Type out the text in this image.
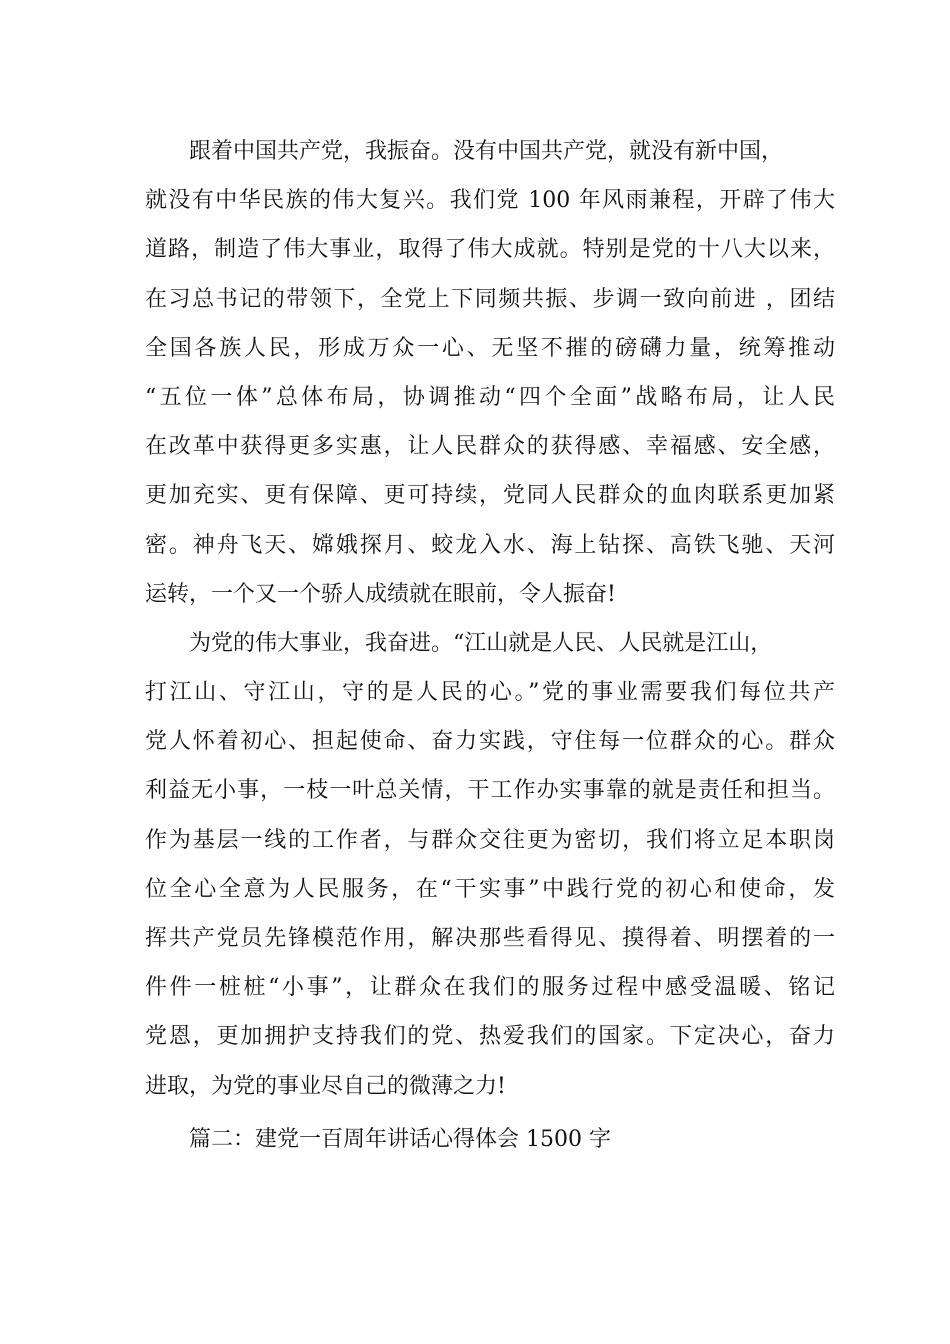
跟着中国共产党，我振奋。没有中国共产党，就没有新中国，
就没有中华民族的伟大复兴。我们党 100 年风雨兼程，开辟了伟大
道路，制造了伟大事业，取得了伟大成就。特别是党的十八大以来，
在习总书记的带领下，全党上下同频共振、步调一致向前进 ，团结
全国各族人民，形成万众一心、无坚不摧的磅礴力量，统筹推动
“五位一体”总体布局，协调推动“四个全面”战略布局，让人民
在改革中获得更多实惠，让人民群众的获得感、幸福感、安全感，
更加充实、更有保障、更可持续，党同人民群众的血肉联系更加紧
密。神舟飞天、嫦娥探月、蛟龙入水、海上钻探、高铁飞驰、天河
运转，一个又一个骄人成绩就在眼前，令人振奋!
为党的伟大事业，我奋进。“江山就是人民、人民就是江山，
打江山、守江山，守的是人民的心。”党的事业需要我们每位共产
党人怀着初心、担起使命、奋力实践，守住每一位群众的心。群众
利益无小事，一枝一叶总关情，干工作办实事靠的就是责任和担当。
作为基层一线的工作者，与群众交往更为密切，我们将立足本职岗
位全心全意为人民服务，在“干实事”中践行党的初心和使命，发
挥共产党员先锋模范作用，解决那些看得见、摸得着、明摆着的一
件件一桩桩“小事”，让群众在我们的服务过程中感受温暖、铭记
党恩，更加拥护支持我们的党、热爱我们的国家。下定决心，奋力
进取，为党的事业尽自己的微薄之力!
篇二：建党一百周年讲话心得体会 1500 字
